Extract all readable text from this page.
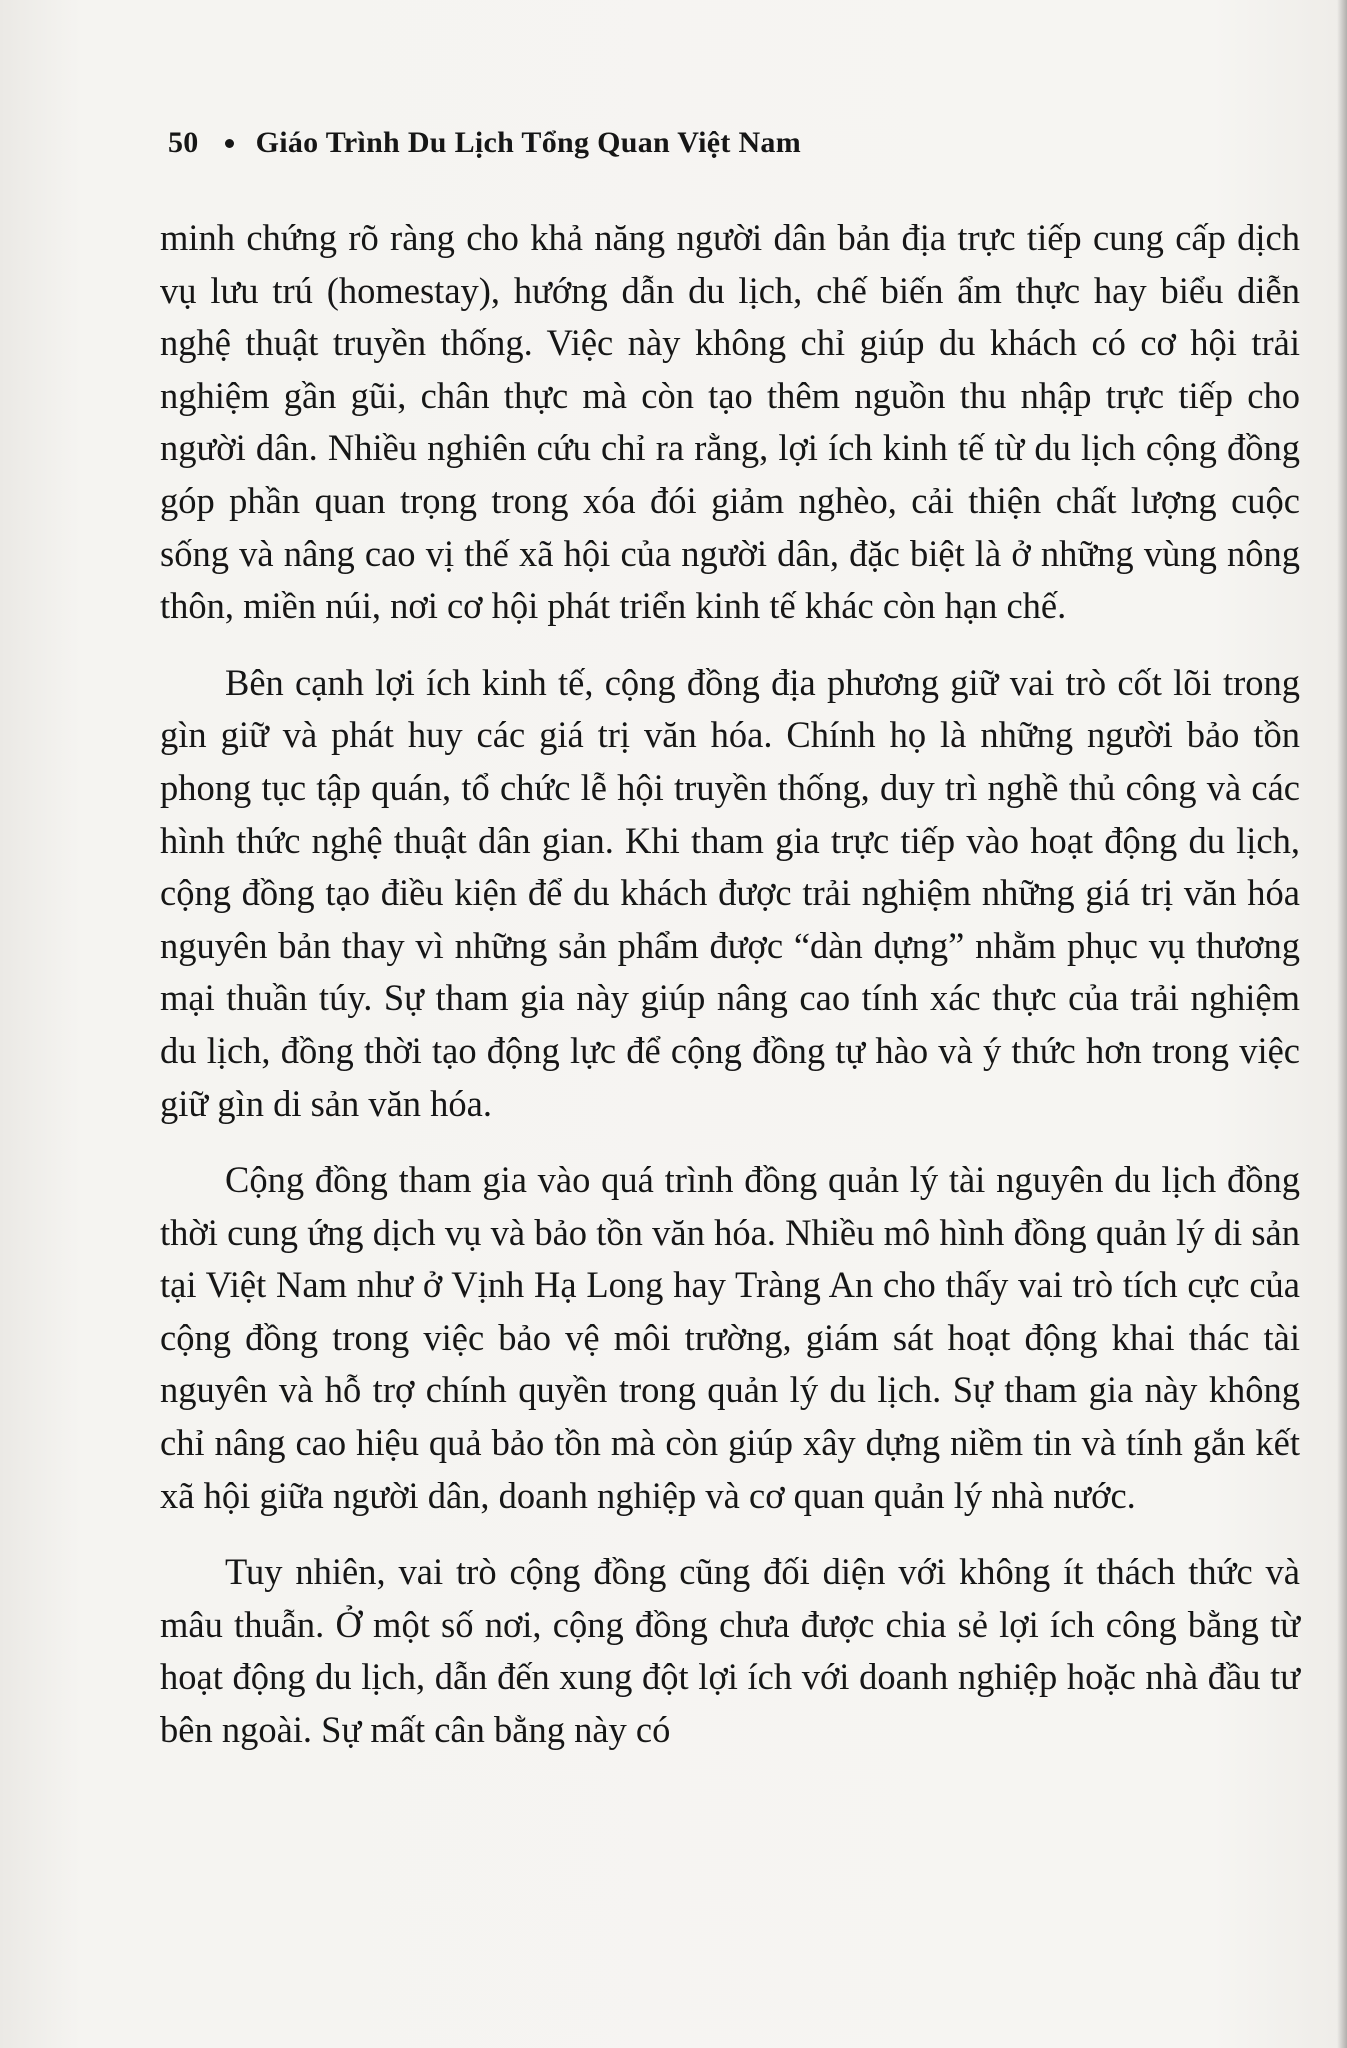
50 Giáo Trình Du Lịch Tổng Quan Việt Nam

minh chứng rõ ràng cho khả năng người dân bản địa trực tiếp cung cấp dịch vụ lưu trú (homestay), hướng dẫn du lịch, chế biến ẩm thực hay biểu diễn nghệ thuật truyền thống. Việc này không chỉ giúp du khách có cơ hội trải nghiệm gần gũi, chân thực mà còn tạo thêm nguồn thu nhập trực tiếp cho người dân. Nhiều nghiên cứu chỉ ra rằng, lợi ích kinh tế từ du lịch cộng đồng góp phần quan trọng trong xóa đói giảm nghèo, cải thiện chất lượng cuộc sống và nâng cao vị thế xã hội của người dân, đặc biệt là ở những vùng nông thôn, miền núi, nơi cơ hội phát triển kinh tế khác còn hạn chế.

Bên cạnh lợi ích kinh tế, cộng đồng địa phương giữ vai trò cốt lõi trong gìn giữ và phát huy các giá trị văn hóa. Chính họ là những người bảo tồn phong tục tập quán, tổ chức lễ hội truyền thống, duy trì nghề thủ công và các hình thức nghệ thuật dân gian. Khi tham gia trực tiếp vào hoạt động du lịch, cộng đồng tạo điều kiện để du khách được trải nghiệm những giá trị văn hóa nguyên bản thay vì những sản phẩm được “dàn dựng” nhằm phục vụ thương mại thuần túy. Sự tham gia này giúp nâng cao tính xác thực của trải nghiệm du lịch, đồng thời tạo động lực để cộng đồng tự hào và ý thức hơn trong việc giữ gìn di sản văn hóa.

Cộng đồng tham gia vào quá trình đồng quản lý tài nguyên du lịch đồng thời cung ứng dịch vụ và bảo tồn văn hóa. Nhiều mô hình đồng quản lý di sản tại Việt Nam như ở Vịnh Hạ Long hay Tràng An cho thấy vai trò tích cực của cộng đồng trong việc bảo vệ môi trường, giám sát hoạt động khai thác tài nguyên và hỗ trợ chính quyền trong quản lý du lịch. Sự tham gia này không chỉ nâng cao hiệu quả bảo tồn mà còn giúp xây dựng niềm tin và tính gắn kết xã hội giữa người dân, doanh nghiệp và cơ quan quản lý nhà nước.

Tuy nhiên, vai trò cộng đồng cũng đối diện với không ít thách thức và mâu thuẫn. Ở một số nơi, cộng đồng chưa được chia sẻ lợi ích công bằng từ hoạt động du lịch, dẫn đến xung đột lợi ích với doanh nghiệp hoặc nhà đầu tư bên ngoài. Sự mất cân bằng này có
